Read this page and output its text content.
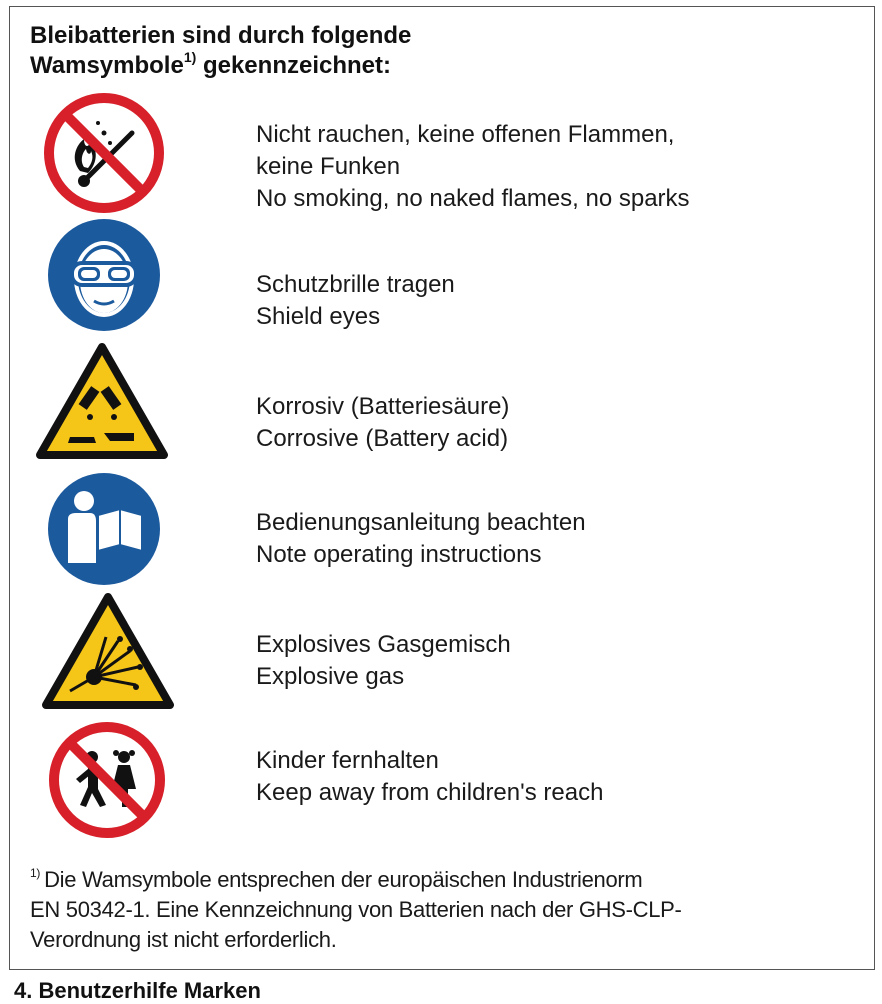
Bleibatterien sind durch folgende
Wamsymbole$^{1)}$ gekennzeichnet:
Nicht rauchen, keine offenen Flammen,
keine Funken
No smoking, no naked flames, no sparks
Schutzbrille tragen
Shield eyes
Korrosiv (Batteriesäure)
Corrosive (Battery acid)
Bedienungsanleitung beachten
Note operating instructions
Explosives Gasgemisch
Explosive gas
Kinder fernhalten
Keep away from children's reach
$^{1)}$ Die Wamsymbole entsprechen der europäischen Industrienorm
EN 50342-1. Eine Kennzeichnung von Batterien nach der GHS-CLP-
Verordnung ist nicht erforderlich.
4. Benutzerhilfe Marken
